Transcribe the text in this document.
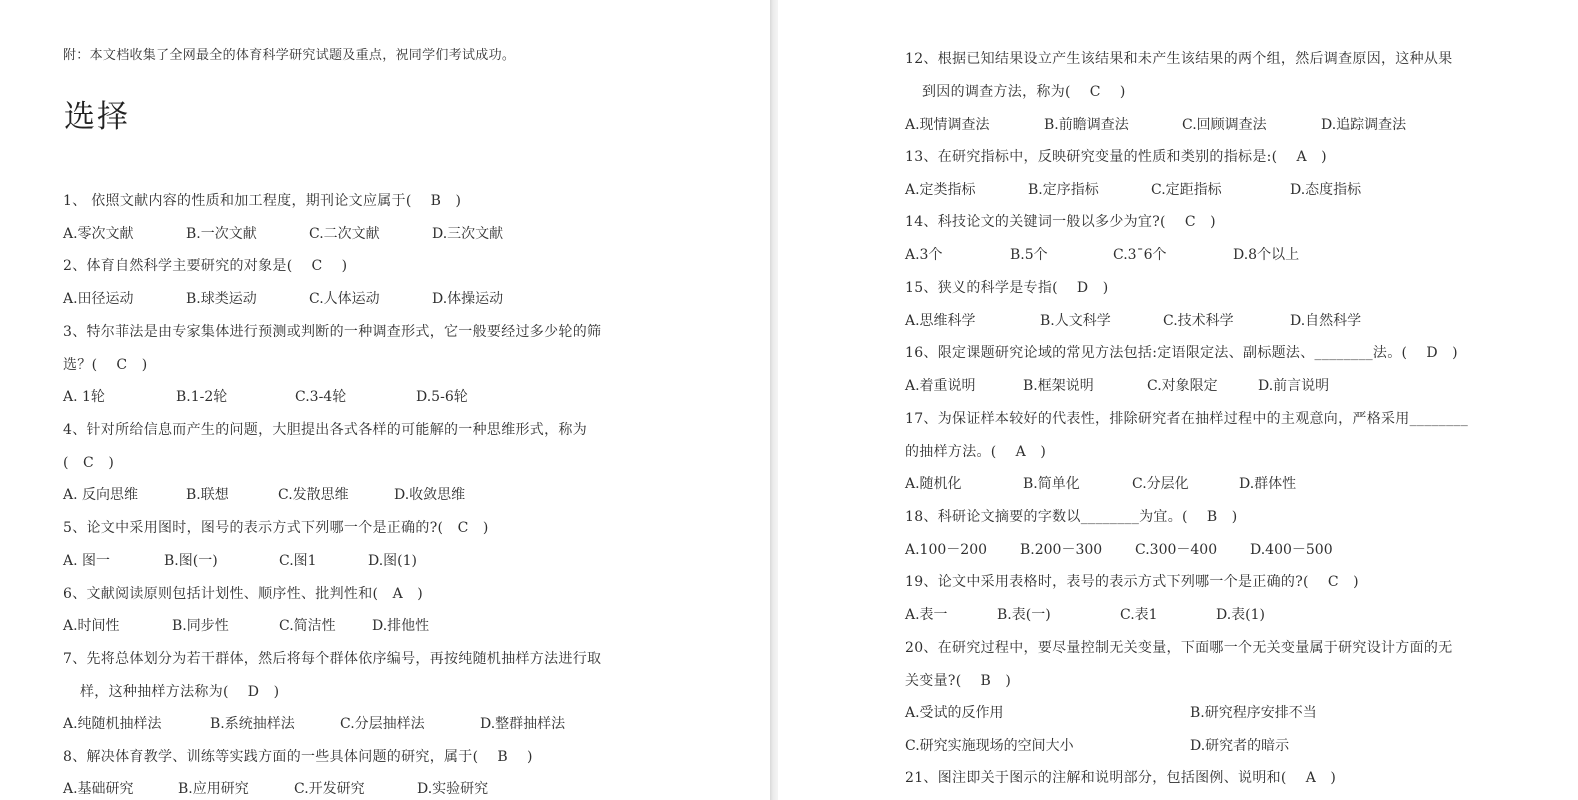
附：本文档收集了全网最全的体育科学研究试题及重点，祝同学们考试成功。
选择
1、 依照文献内容的性质和加工程度，期刊论文应属于(　 B　)
A.零次文献	B.一次文献	C.二次文献	D.三次文献
2、体育自然科学主要研究的对象是(　 C　 )
A.田径运动	B.球类运动	C.人体运动	D.体操运动
3、特尔菲法是由专家集体进行预测或判断的一种调查形式，它一般要经过多少轮的筛
选？(　 C　)
A. 1轮	B.1-2轮	C.3-4轮	D.5-6轮
4、针对所给信息而产生的问题，大胆提出各式各样的可能解的一种思维形式，称为
(　C　)
A. 反向思维	B.联想	C.发散思维	D.收敛思维
5、论文中采用图时，图号的表示方式下列哪一个是正确的?(　C　)
A. 图一	B.图(一)	C.图1	D.图(1)
6、文献阅读原则包括计划性、顺序性、批判性和(　A　)
A.时间性	B.同步性	C.简洁性	D.排他性
7、先将总体划分为若干群体，然后将每个群体依序编号，再按纯随机抽样方法进行取
样，这种抽样方法称为(　 D　)
A.纯随机抽样法	B.系统抽样法	C.分层抽样法	D.整群抽样法
8、解决体育教学、训练等实践方面的一些具体问题的研究，属于(　 B　 )
A.基础研究	B.应用研究	C.开发研究	D.实验研究
12、根据已知结果设立产生该结果和未产生该结果的两个组，然后调查原因，这种从果
到因的调查方法，称为(　 C　 )
A.现情调查法	B.前瞻调查法	C.回顾调查法	D.追踪调查法
13、在研究指标中，反映研究变量的性质和类别的指标是:(　 A　)
A.定类指标	B.定序指标	C.定距指标	D.态度指标
14、科技论文的关键词一般以多少为宜?(　 C　)
A.3个	B.5个	C.3¯6个	D.8个以上
15、狭义的科学是专指(　 D　)
A.思维科学	B.人文科学	C.技术科学	D.自然科学
16、限定课题研究论域的常见方法包括:定语限定法、副标题法、________法。(　 D　)
A.着重说明	B.框架说明	C.对象限定	D.前言说明
17、为保证样本较好的代表性，排除研究者在抽样过程中的主观意向，严格采用________
的抽样方法。(　 A　)
A.随机化	B.简单化	C.分层化	D.群体性
18、科研论文摘要的字数以________为宜。(　 B　)
A.100－200 B.200－300 C.300－400 D.400－500
19、论文中采用表格时，表号的表示方式下列哪一个是正确的?(　 C　)
A.表一	B.表(一)	C.表1	D.表(1)
20、在研究过程中，要尽量控制无关变量，下面哪一个无关变量属于研究设计方面的无
关变量?(　 B　)
A.受试的反作用	B.研究程序安排不当
C.研究实施现场的空间大小	D.研究者的暗示
21、图注即关于图示的注解和说明部分，包括图例、说明和(　 A　)
